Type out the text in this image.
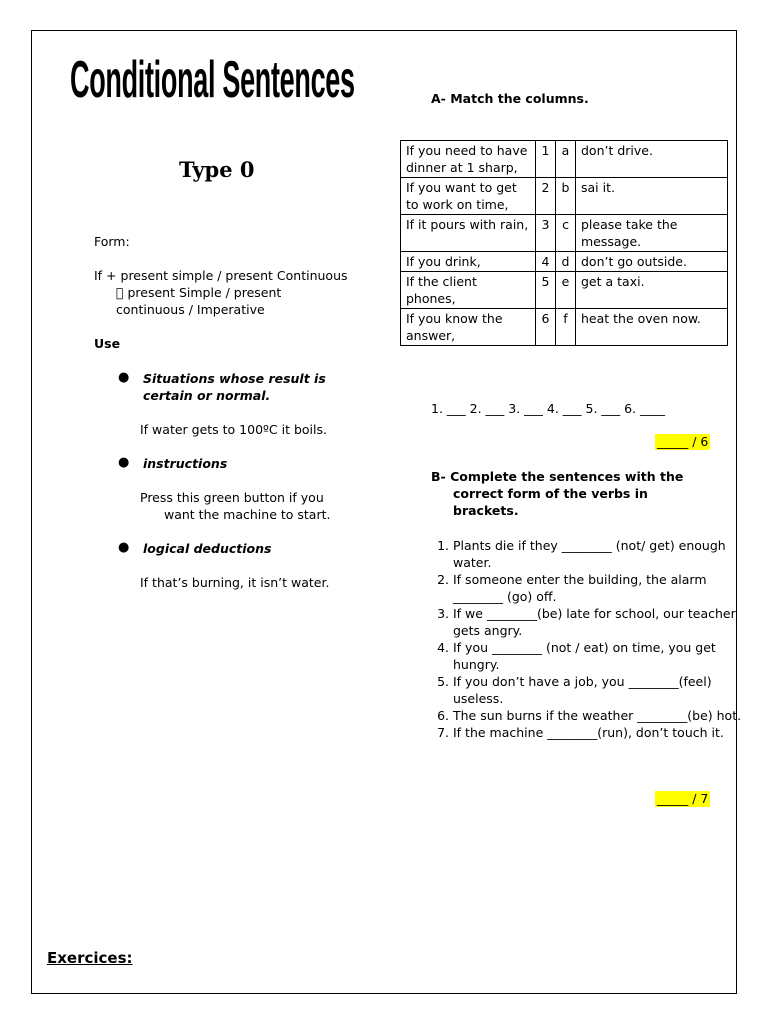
Conditional Sentences
Type 0
Form:
If + present simple / present Continuous
present Simple / present
continuous / Imperative
Use
● Situations whose result is
certain or normal.
If water gets to 100ºC it boils.
● instructions
Press this green button if you
want the machine to start.
● logical deductions
If that’s burning, it isn’t water.
A- Match the columns.
If you need to have dinner at 1 sharp,	1	a	don’t drive.
If you want to get to work on time,	2	b	sai it.
If it pours with rain,	3	c	please take the message.
If you drink,	4	d	don’t go outside.
If the client phones,	5	e	get a taxi.
If you know the answer,	6	f	heat the oven now.
1. ___ 2. ___ 3. ___ 4. ___ 5. ___ 6. ____
_____ / 6
B- Complete the sentences with the
correct form of the verbs in
brackets.
1. Plants die if they ________ (not/ get) enough water.
2. If someone enter the building, the alarm ________ (go) off.
3. If we ________(be) late for school, our teacher gets angry.
4. If you ________ (not / eat) on time, you get hungry.
5. If you don’t have a job, you ________(feel) useless.
6. The sun burns if the weather ________(be) hot.
7. If the machine ________(run), don’t touch it.
_____ / 7
Exercices:
